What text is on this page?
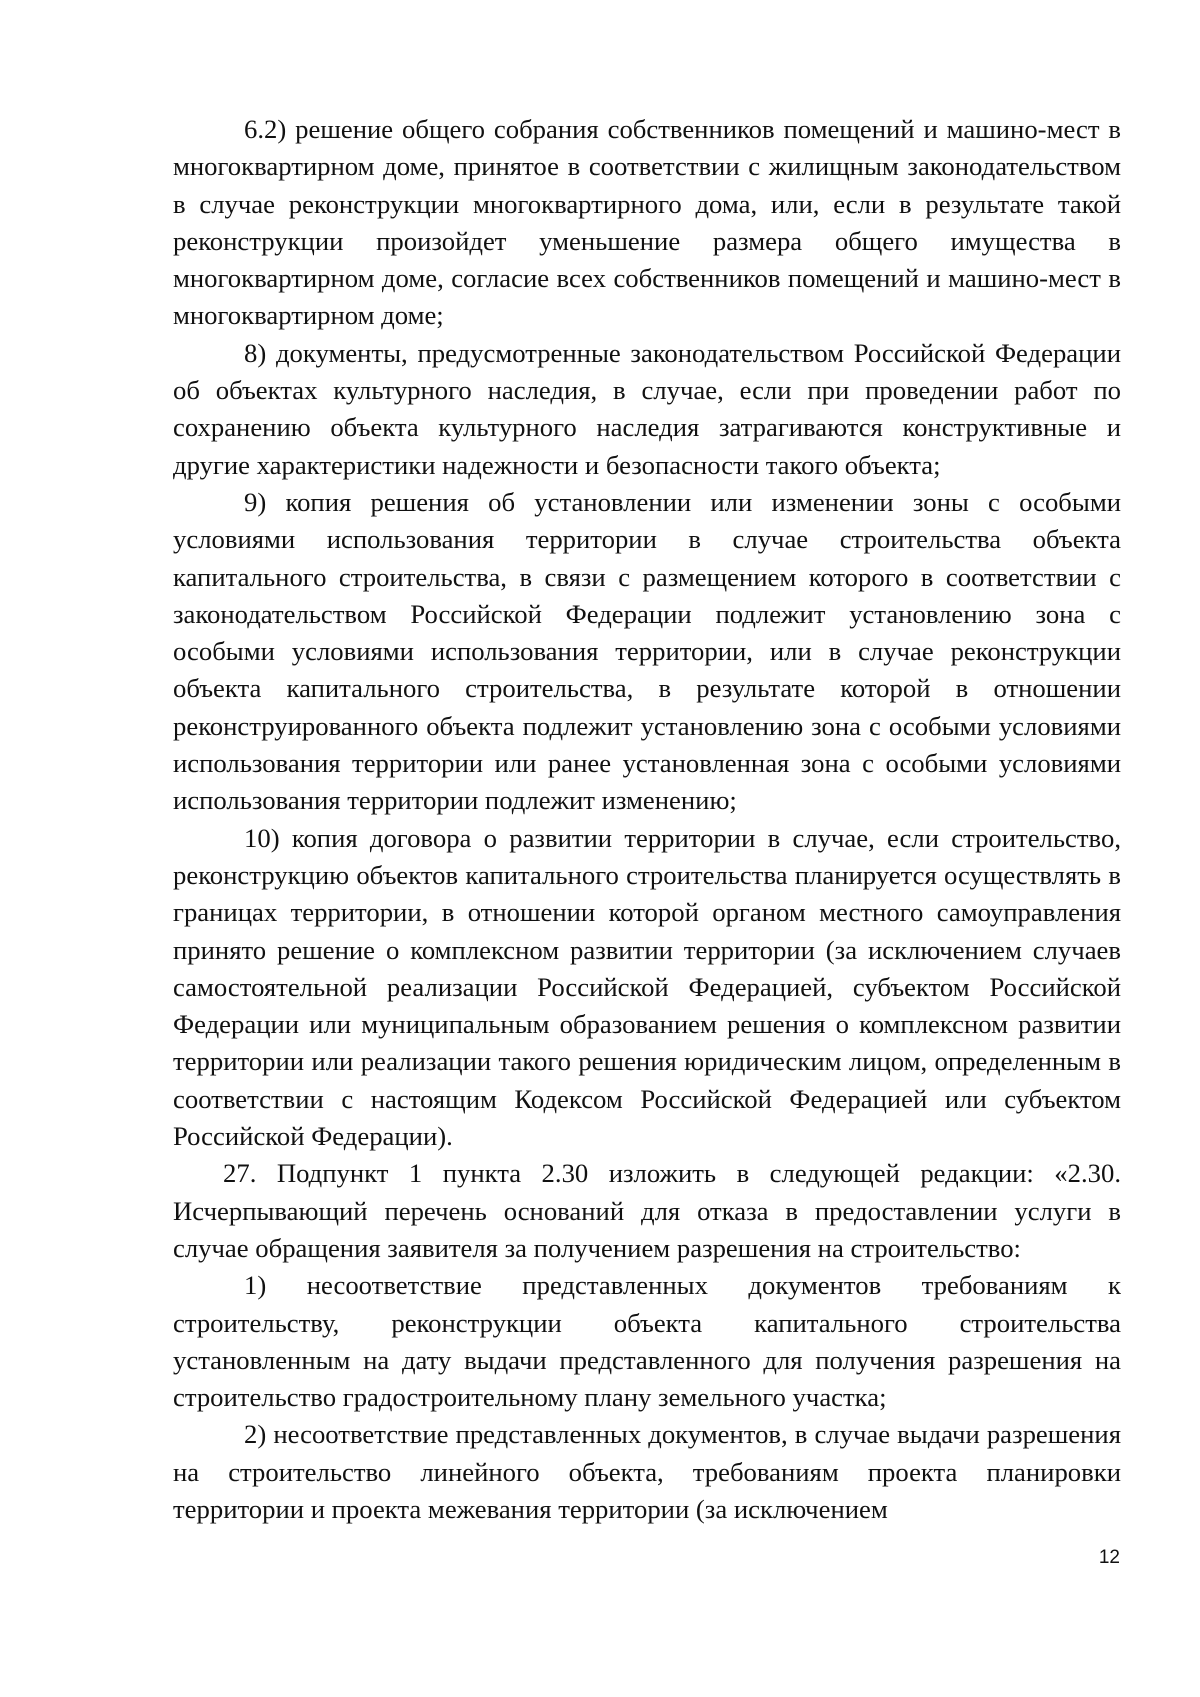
6.2) решение общего собрания собственников помещений и машино-мест в многоквартирном доме, принятое в соответствии с жилищным законодательством в случае реконструкции многоквартирного дома, или, если в результате такой реконструкции произойдет уменьшение размера общего имущества в многоквартирном доме, согласие всех собственников помещений и машино-мест в многоквартирном доме;

8) документы, предусмотренные законодательством Российской Федерации об объектах культурного наследия, в случае, если при проведении работ по сохранению объекта культурного наследия затрагиваются конструктивные и другие характеристики надежности и безопасности такого объекта;

9) копия решения об установлении или изменении зоны с особыми условиями использования территории в случае строительства объекта капитального строительства, в связи с размещением которого в соответствии с законодательством Российской Федерации подлежит установлению зона с особыми условиями использования территории, или в случае реконструкции объекта капитального строительства, в результате которой в отношении реконструированного объекта подлежит установлению зона с особыми условиями использования территории или ранее установленная зона с особыми условиями использования территории подлежит изменению;

10) копия договора о развитии территории в случае, если строительство, реконструкцию объектов капитального строительства планируется осуществлять в границах территории, в отношении которой органом местного самоуправления принято решение о комплексном развитии территории (за исключением случаев самостоятельной реализации Российской Федерацией, субъектом Российской Федерации или муниципальным образованием решения о комплексном развитии территории или реализации такого решения юридическим лицом, определенным в соответствии с настоящим Кодексом Российской Федерацией или субъектом Российской Федерации).

27. Подпункт 1 пункта 2.30 изложить в следующей редакции: «2.30. Исчерпывающий перечень оснований для отказа в предоставлении услуги в случае обращения заявителя за получением разрешения на строительство:

1) несоответствие представленных документов требованиям к строительству, реконструкции объекта капитального строительства установленным на дату выдачи представленного для получения разрешения на строительство градостроительному плану земельного участка;

2) несоответствие представленных документов, в случае выдачи разрешения на строительство линейного объекта, требованиям проекта планировки территории и проекта межевания территории (за исключением

12
